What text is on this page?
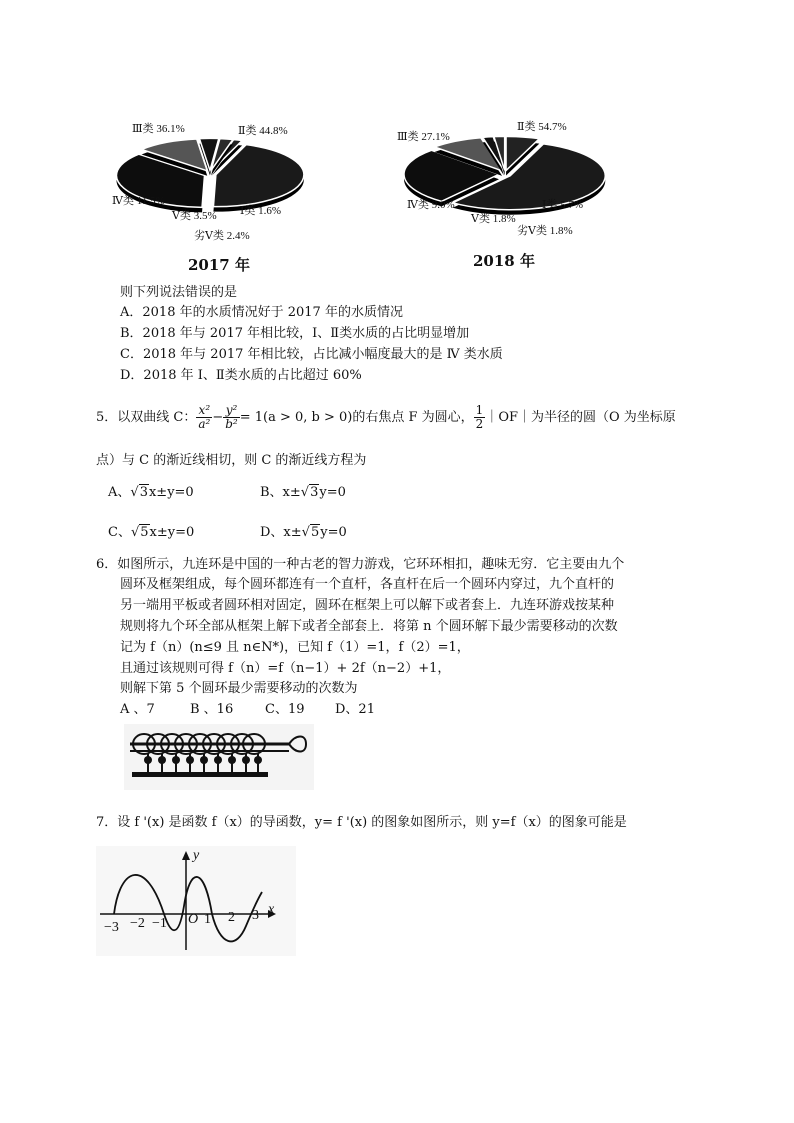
Ⅲ类 36.1%	Ⅱ类 44.8%
Ⅳ类 11.5%
Ⅴ类 3.5% Ⅰ类 1.6%
劣Ⅴ类 2.4%
2017 年
Ⅲ类 27.1%
Ⅱ类 54.7%
Ⅳ类 9.0%
Ⅴ类 1.8%
Ⅰ类 5.7%
劣Ⅴ类 1.8%
2018 年
则下列说法错误的是
A．2018 年的水质情况好于 2017 年的水质情况
B．2018 年与 2017 年相比较，Ⅰ、Ⅱ类水质的占比明显增加
C．2018 年与 2017 年相比较，占比减小幅度最大的是 Ⅳ 类水质
D．2018 年 Ⅰ、Ⅱ类水质的占比超过 60%
5．以双曲线 C： $\frac{\text{x²}}{\text{a²}} - \frac{\text{y²}}{\text{b²}} = 1(a > 0$, b > 0)的右焦点 F 为圆心， $\frac{1}{2}$ ｜OF｜为半径的圆（O 为坐标原
点）与 C 的渐近线相切，则 C 的渐近线方程为
A、√3x±y=0	B、x±√3y=0
C、√5x±y=0	D、x±√5y=0
6．如图所示，九连环是中国的一种古老的智力游戏，它环环相扣，趣味无穷．它主要由九个
圆环及框架组成，每个圆环都连有一个直杆，各直杆在后一个圆环内穿过，九个直杆的
另一端用平板或者圆环相对固定，圆环在框架上可以解下或者套上．九连环游戏按某种
规则将九个环全部从框架上解下或者全部套上．将第 n 个圆环解下最少需要移动的次数
记为 f（n）(n≤9 且 n∈N*)，已知 f（1）=1，f（2）=1，
且通过该规则可得 f（n）=f（n−1）+ 2f（n−2）+1，
则解下第 5 个圆环最少需要移动的次数为
A 、7	B 、16 C、19 D、21
7．设 f '(x) 是函数 f（x）的导函数，y= f '(x) 的图象如图所示，则 y=f（x）的图象可能是
y
x
O
−3 −2 −1	1 2 3
